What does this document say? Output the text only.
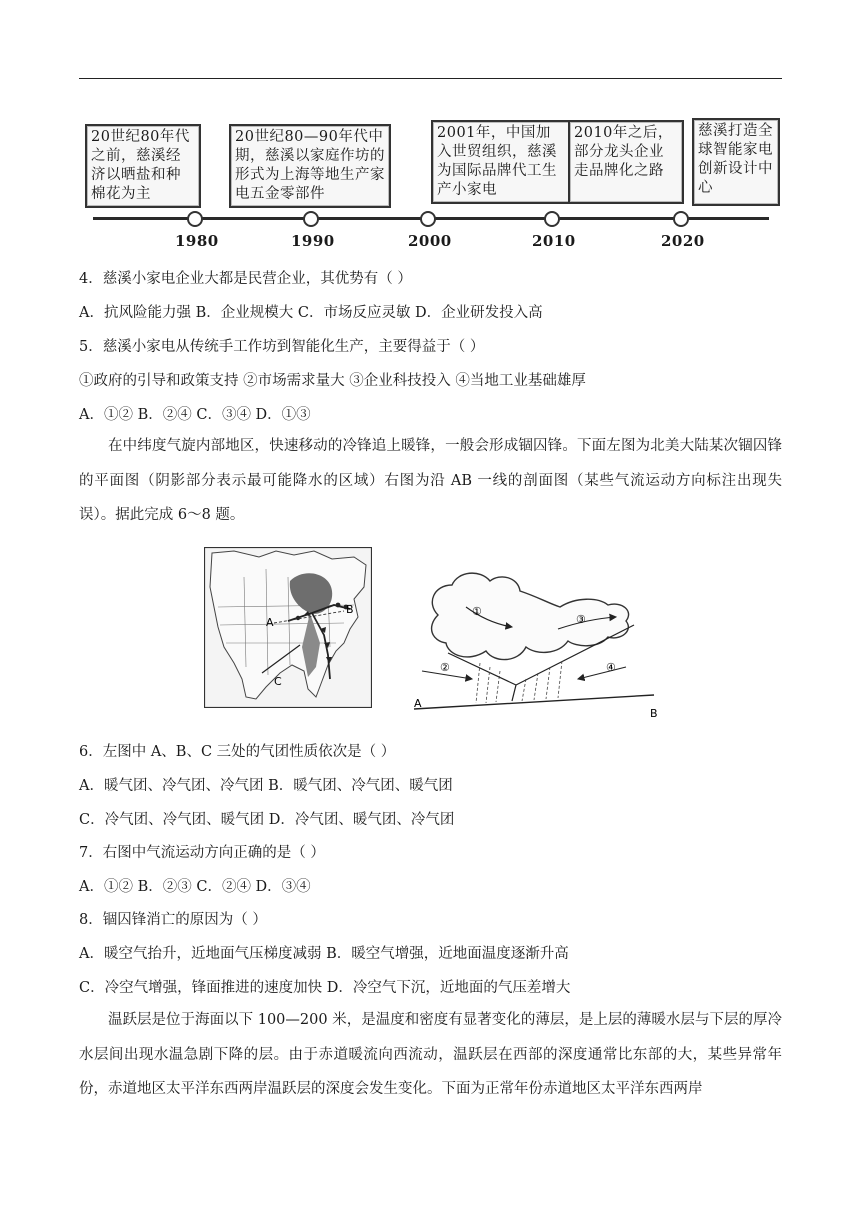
20世纪80年代之前，慈溪经济以晒盐和种棉花为主
20世纪80—90年代中期，慈溪以家庭作坊的形式为上海等地生产家电五金零部件
2001年，中国加入世贸组织，慈溪为国际品牌代工生产小家电
2010年之后，部分龙头企业走品牌化之路
慈溪打造全球智能家电创新设计中心
1980	1990	2000	2010	2020
4．慈溪小家电企业大都是民营企业，其优势有（ ）
A．抗风险能力强 B．企业规模大 C．市场反应灵敏 D．企业研发投入高
5．慈溪小家电从传统手工作坊到智能化生产，主要得益于（ ）
①政府的引导和政策支持 ②市场需求量大 ③企业科技投入 ④当地工业基础雄厚
A．①② B．②④ C．③④ D．①③
在中纬度气旋内部地区，快速移动的冷锋追上暖锋，一般会形成锢囚锋。下面左图为北美大陆某次锢囚锋的平面图（阴影部分表示最可能降水的区域）右图为沿 AB 一线的剖面图（某些气流运动方向标注出现失误）。据此完成 6～8 题。
A
B
C
①
②
③
④
A
B
6．左图中 A、B、C 三处的气团性质依次是（ ）
A．暖气团、冷气团、冷气团 B．暖气团、冷气团、暖气团
C．冷气团、冷气团、暖气团 D．冷气团、暖气团、冷气团
7．右图中气流运动方向正确的是（ ）
A．①② B．②③ C．②④ D．③④
8．锢囚锋消亡的原因为（ ）
A．暖空气抬升，近地面气压梯度减弱 B．暖空气增强，近地面温度逐渐升高
C．冷空气增强，锋面推进的速度加快 D．冷空气下沉，近地面的气压差增大
温跃层是位于海面以下 100—200 米，是温度和密度有显著变化的薄层，是上层的薄暖水层与下层的厚冷水层间出现水温急剧下降的层。由于赤道暖流向西流动，温跃层在西部的深度通常比东部的大，某些异常年份，赤道地区太平洋东西两岸温跃层的深度会发生变化。下面为正常年份赤道地区太平洋东西两岸
